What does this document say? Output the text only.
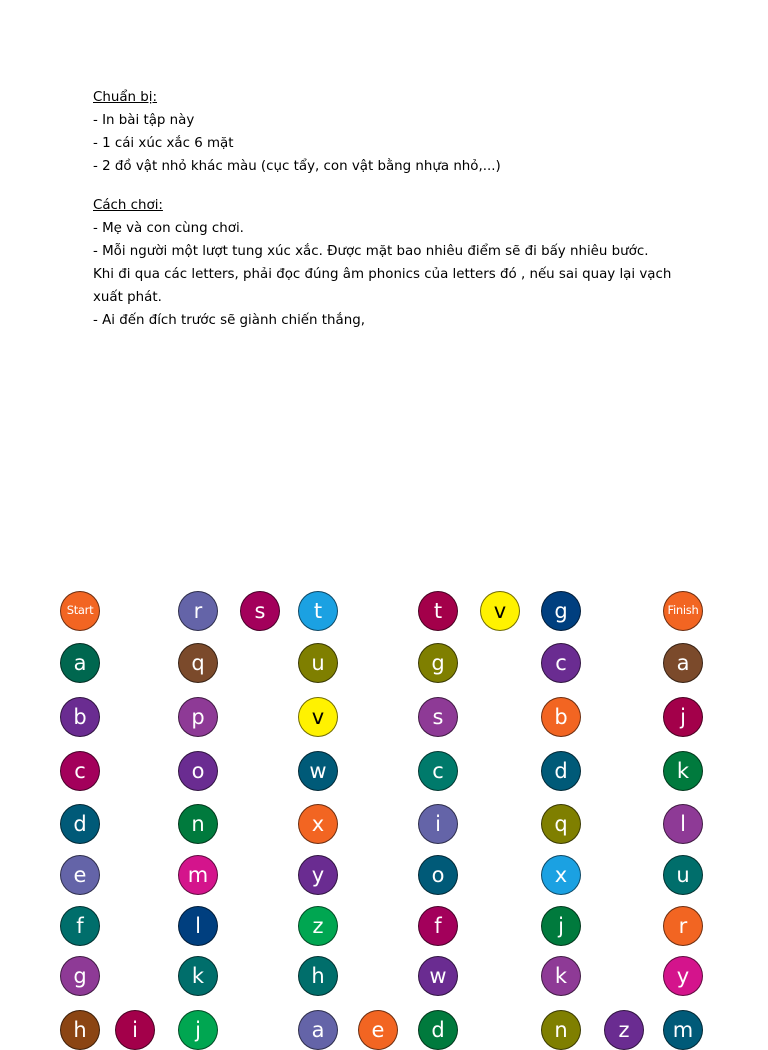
Chuẩn bị:
- In bài tập này
- 1 cái xúc xắc 6 mặt
- 2 đồ vật nhỏ khác màu (cục tẩy, con vật bằng nhựa nhỏ,...)
Cách chơi:
- Mẹ và con cùng chơi.
- Mỗi người một lượt tung xúc xắc. Được mặt bao nhiêu điểm sẽ đi bấy nhiêu bước.
Khi đi qua các letters, phải đọc đúng âm phonics của letters đó , nếu sai quay lại vạch
xuất phát.
- Ai đến đích trước sẽ giành chiến thắng,
Start
a
b
c
d
e
f
g
h	i
r
q
p
o
n
m
l
k
j
s	t
u
v
w
x
y
z
h
a	e
t
g
s
c
i
o
f
w
d
v	g
c
b
d
q
x
j
k
n	z
Finish
a
j
k
l
u
r
y
m
